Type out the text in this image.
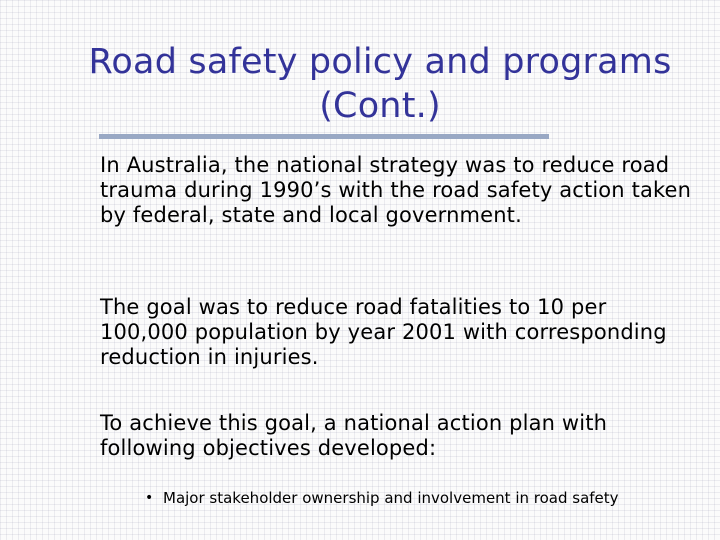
Road safety policy and programs
(Cont.)

In Australia, the national strategy was to reduce road trauma during 1990’s with the road safety action taken by federal, state and local government.

The goal was to reduce road fatalities to 10 per 100,000 population by year 2001 with corresponding reduction in injuries.

To achieve this goal, a national action plan with following objectives developed:

• Major stakeholder ownership and involvement in road safety
